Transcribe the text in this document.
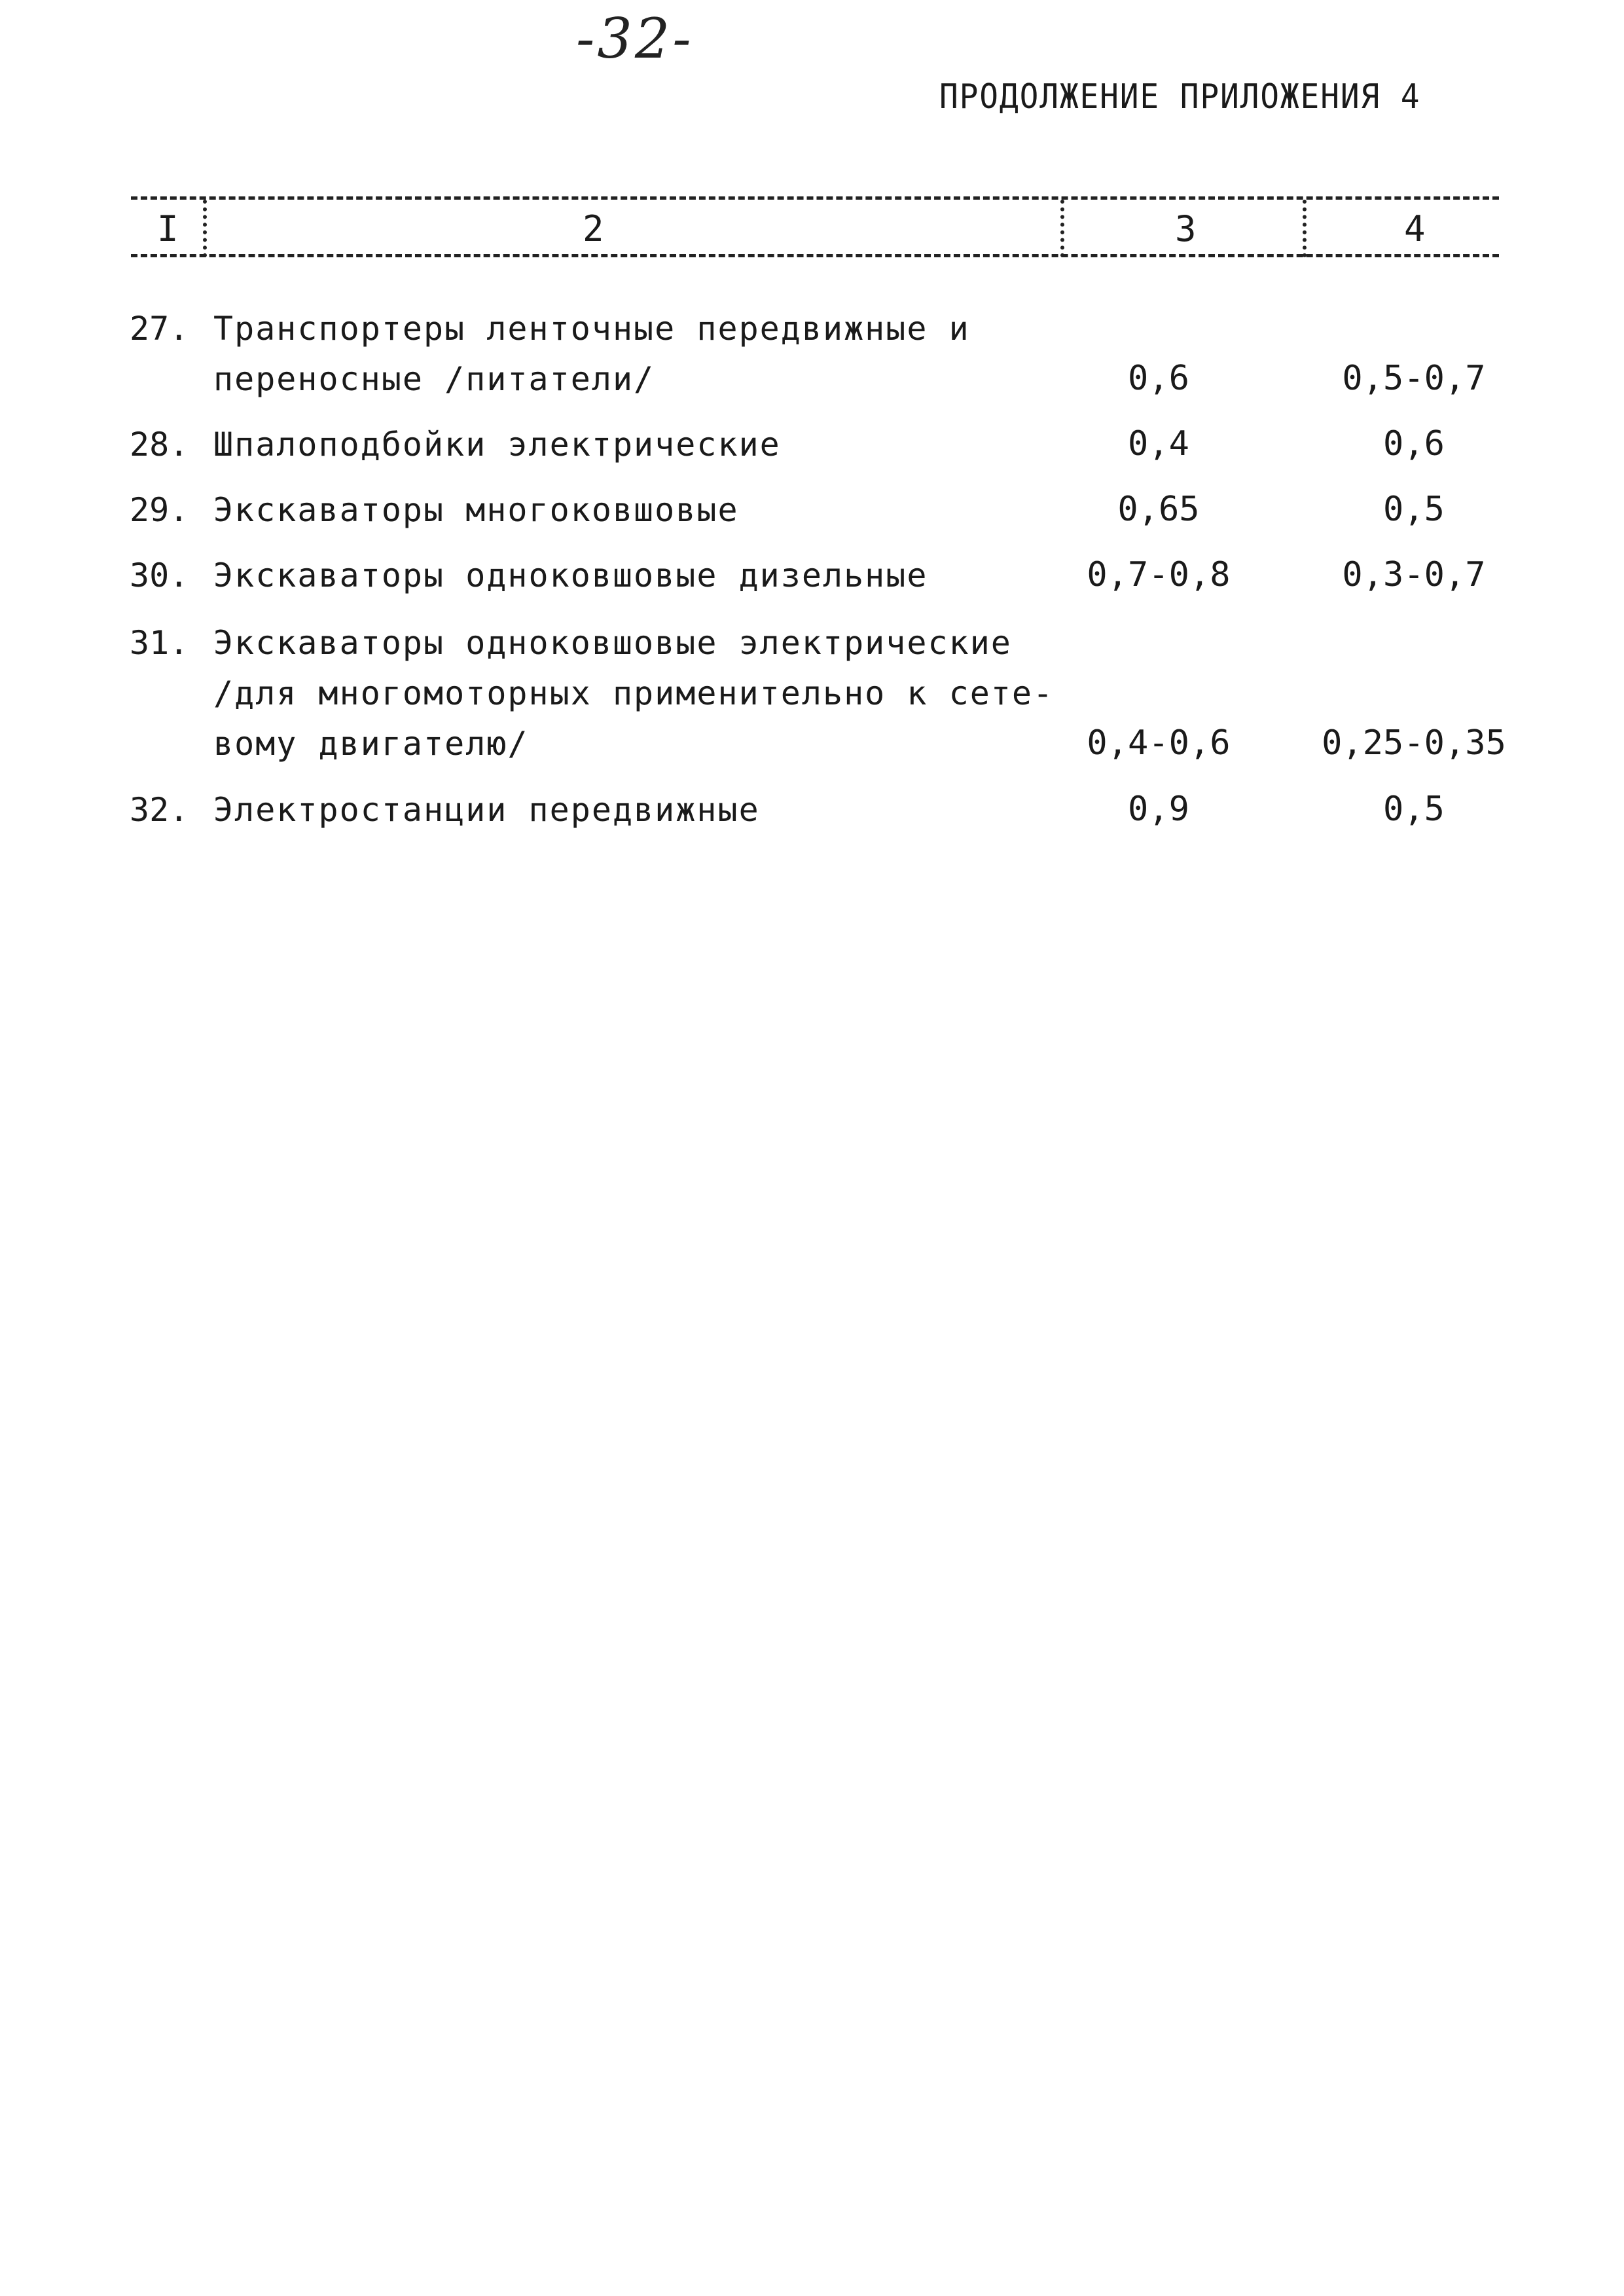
-32-
ПРОДОЛЖЕНИЕ ПРИЛОЖЕНИЯ 4
I	2	3	4
27. Транспортеры ленточные передвижные и
переносные /питатели/	0,6	0,5-0,7
28. Шпалоподбойки электрические	0,4	0,6
29. Экскаваторы многоковшовые	0,65	0,5
30. Экскаваторы одноковшовые дизельные	0,7-0,8	0,3-0,7
31. Экскаваторы одноковшовые электрические
/для многомоторных применительно к сете-
вому двигателю/	0,4-0,6	0,25-0,35
32. Электростанции передвижные	0,9	0,5
